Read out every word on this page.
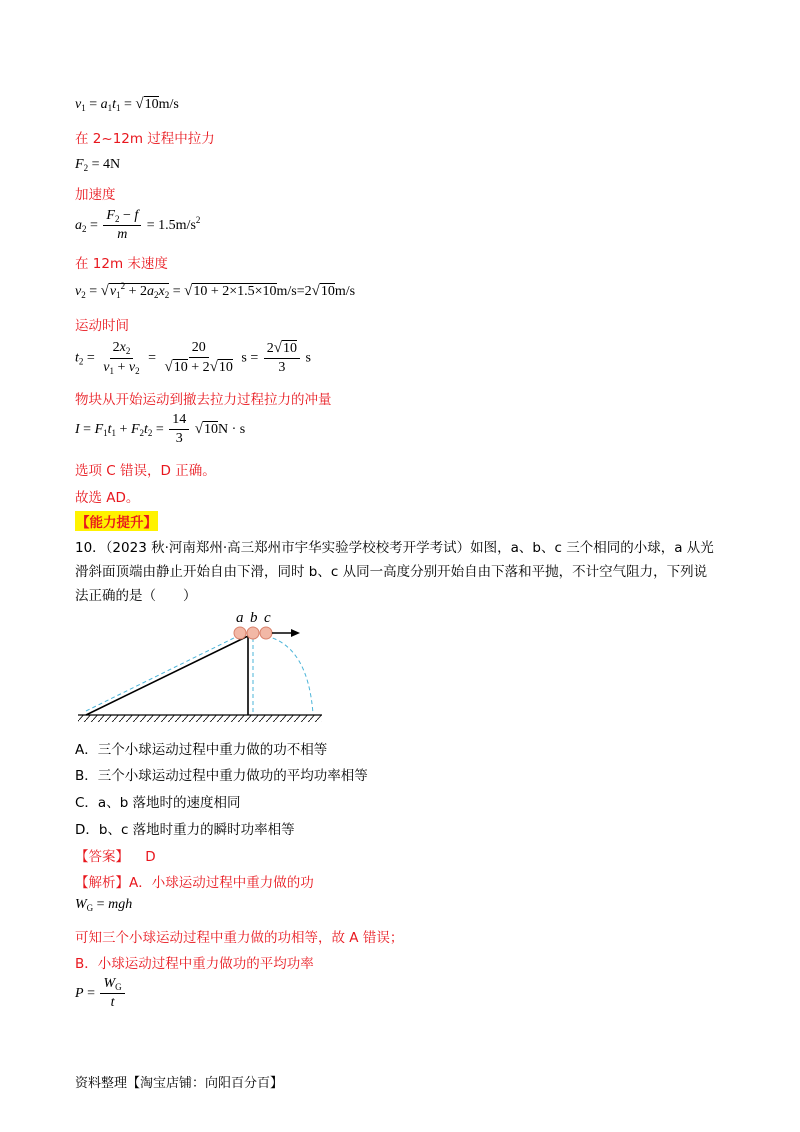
$v_1 = a_1t_1 = √10m/s$
在 2~12m 过程中拉力
$F_2 = 4N$
加速度
$a_2 = \frac{F_2 - f}{m} = 1.5m/s^2$
在 12m 末速度
$v_2 = √v_1^2 + 2a_2x_2 = √10 + 2\times 1.5\times 10m/s=2√10m/s$
运动时间
$t_2 = \frac{2x_2}{v_1 + v_2} = \frac{20}{√10 + 2√10}$ $s = \frac{2√10}{3}$ s
物块从开始运动到撤去拉力过程拉力的冲量
$I = F_1t_1 + F_2t_2 = \frac{14}{3} √10N \cdot s$
选项 C 错误，D 正确。
故选 AD。
【能力提升】
10．（2023 秋·河南郑州·高三郑州市宇华实验学校校考开学考试）如图，a、b、c 三个相同的小球，a 从光
滑斜面顶端由静止开始自由下滑，同时 b、c 从同一高度分别开始自由下落和平抛，不计空气阻力，下列说
法正确的是（　　）
a b c
A．三个小球运动过程中重力做的功不相等
B．三个小球运动过程中重力做功的平均功率相等
C．a、b 落地时的速度相同
D．b、c 落地时重力的瞬时功率相等
【答案】 D
【解析】A．小球运动过程中重力做的功
$W_G$ = mgh
可知三个小球运动过程中重力做的功相等，故 A 错误；
B．小球运动过程中重力做功的平均功率
$P = \frac{W_G}{t}$
资料整理【淘宝店铺：向阳百分百】
